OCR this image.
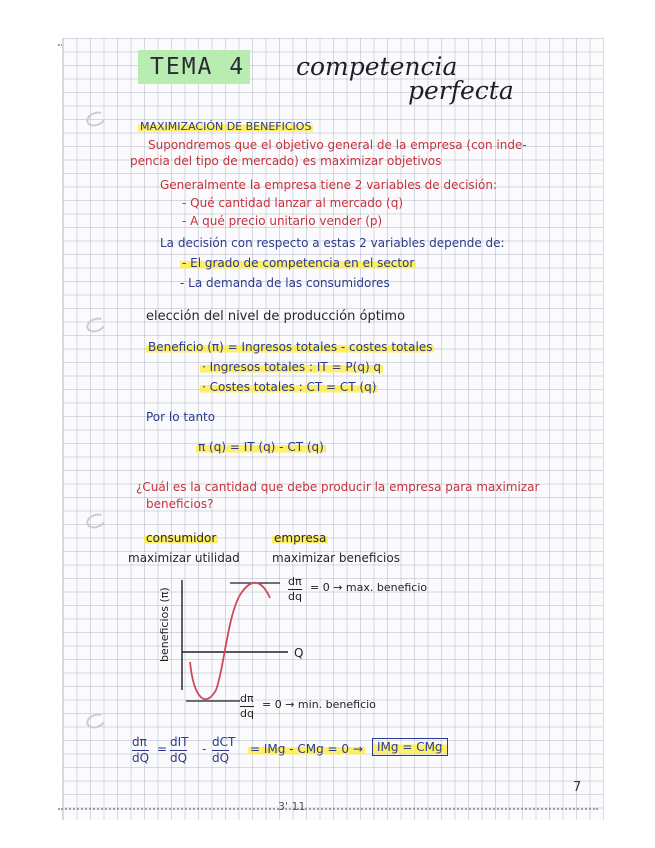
TEMA 4 competencia
perfecta
MAXIMIZACIÓN DE BENEFICIOS
Supondremos que el objetivo general de la empresa (con inde-
pencia del tipo de mercado) es maximizar objetivos
Generalmente la empresa tiene 2 variables de decisión:
- Qué cantidad lanzar al mercado (q)
- A qué precio unitario vender (p)
La decisión con respecto a estas 2 variables depende de:
- El grado de competencia en el sector
- La demanda de las consumidores
elección del nivel de producción óptimo
Beneficio (π) = Ingresos totales - costes totales
· Ingresos totales : IT = P(q) q
· Costes totales : CT = CT (q)
Por lo tanto
π (q) = IT (q) - CT (q)
¿Cuál es la cantidad que debe producir la empresa para maximizar
beneficios?
consumidor	empresa
maximizar utilidad	maximizar beneficios
beneficios (π)	Q
dπ
dq
= 0 → max. beneficio
dπ
dq
= 0 → min. beneficio
dπ
dQ
= dIT
dQ
- dCT
dQ
= IMg - CMg = 0 →	IMg = CMg
7
3' 11
